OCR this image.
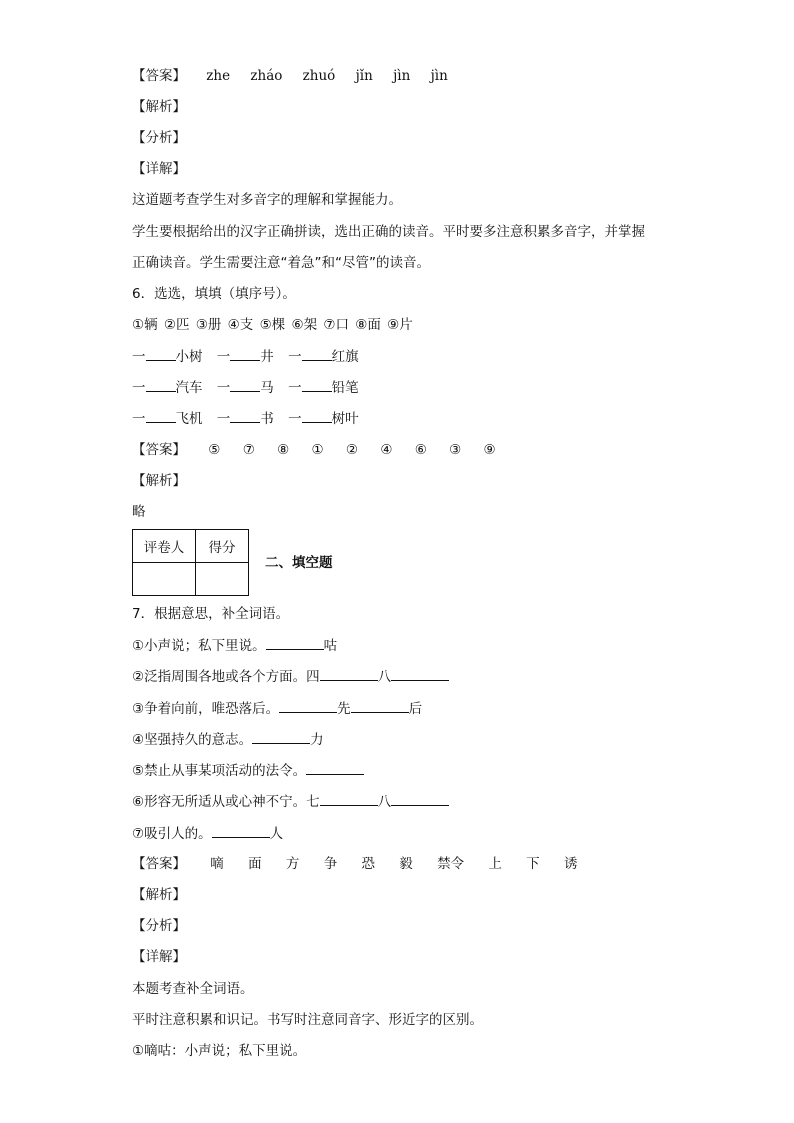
【答案】 zhe zháo zhuó jǐn jìn jìn
【解析】
【分析】
【详解】
这道题考查学生对多音字的理解和掌握能力。
学生要根据给出的汉字正确拼读，选出正确的读音。平时要多注意积累多音字，并掌握
正确读音。学生需要注意“着急”和“尽管”的读音。
6．选选，填填（填序号）。
①辆 ②匹 ③册 ④支 ⑤棵 ⑥架 ⑦口 ⑧面 ⑨片
一 小树 一 井 一 红旗
一 汽车 一 马 一 铅笔
一 飞机 一 书 一 树叶
【答案】 ⑤ ⑦ ⑧ ① ② ④ ⑥ ③ ⑨
【解析】
略
评卷人	得分

二、填空题
7．根据意思，补全词语。
①小声说；私下里说。	咕
②泛指周围各地或各个方面。四	八
③争着向前，唯恐落后。	先	后
④坚强持久的意志。	力
⑤禁止从事某项活动的法令。
⑥形容无所适从或心神不宁。七	八
⑦吸引人的。	人
【答案】 嘀 面 方 争 恐 毅 禁令 上 下 诱
【解析】
【分析】
【详解】
本题考查补全词语。
平时注意积累和识记。书写时注意同音字、形近字的区别。
①嘀咕：小声说；私下里说。
